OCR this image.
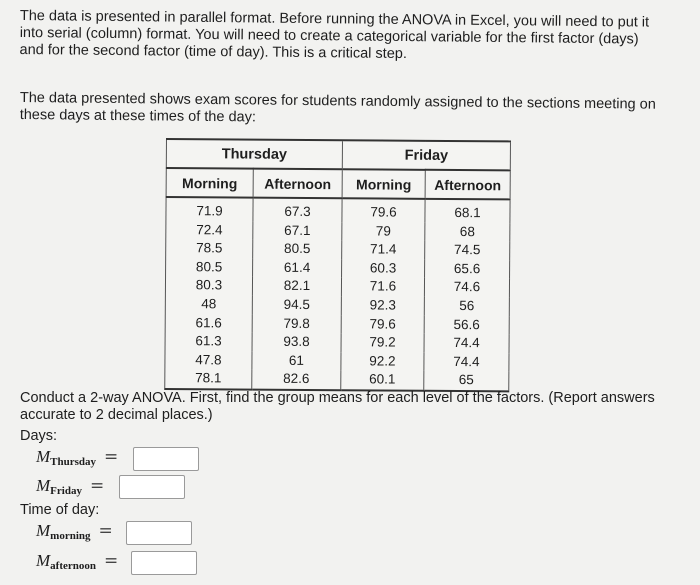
The data is presented in parallel format. Before running the ANOVA in Excel, you will need to put it into serial (column) format. You will need to create a categorical variable for the first factor (days) and for the second factor (time of day). This is a critical step.

The data presented shows exam scores for students randomly assigned to the sections meeting on these days at these times of the day:

Thursday		Friday	
Morning	Afternoon	Morning	Afternoon
71.9	67.3	79.6	68.1
72.4	67.1	79	68
78.5	80.5	71.4	74.5
80.5	61.4	60.3	65.6
80.3	82.1	71.6	74.6
48	94.5	92.3	56
61.6	79.8	79.6	56.6
61.3	93.8	79.2	74.4
47.8	61	92.2	74.4
78.1	82.6	60.1	65

Conduct a 2-way ANOVA. First, find the group means for each level of the factors. (Report answers accurate to 2 decimal places.)

Days:
$M_{Thursday}$ =
$M_{Friday}$ =
Time of day:
$M_{morning}$ =
$M_{afternoon}$ =
